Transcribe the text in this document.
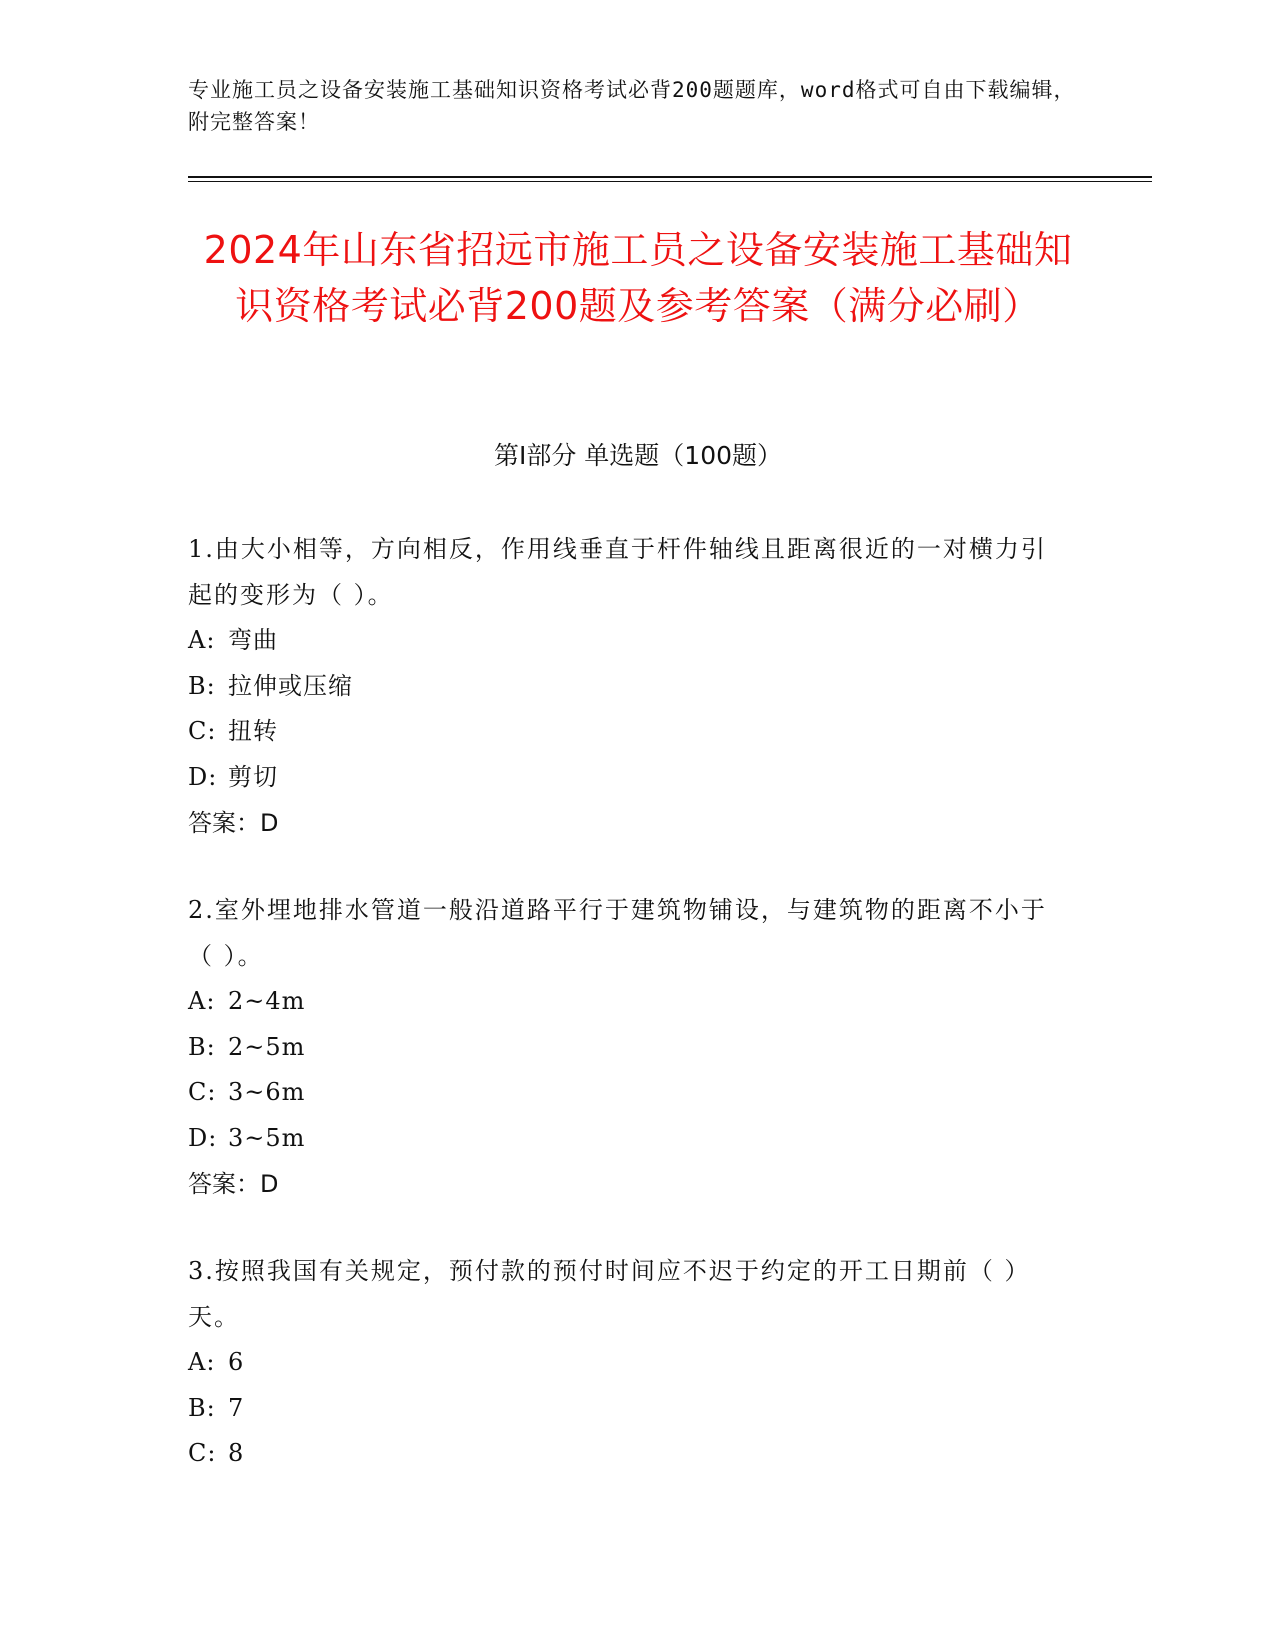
专业施工员之设备安装施工基础知识资格考试必背200题题库，word格式可自由下载编辑，附完整答案！
2024年山东省招远市施工员之设备安装施工基础知识资格考试必背200题及参考答案（满分必刷）
第Ⅰ部分 单选题（100题）
1.由大小相等，方向相反，作用线垂直于杆件轴线且距离很近的一对横力引起的变形为（ ）。
A: 弯曲
B: 拉伸或压缩
C: 扭转
D: 剪切
答案：D
2.室外埋地排水管道一般沿道路平行于建筑物铺设，与建筑物的距离不小于（ ）。
A: 2~4m
B: 2~5m
C: 3~6m
D: 3~5m
答案：D
3.按照我国有关规定，预付款的预付时间应不迟于约定的开工日期前（ ）天。
A: 6
B: 7
C: 8
